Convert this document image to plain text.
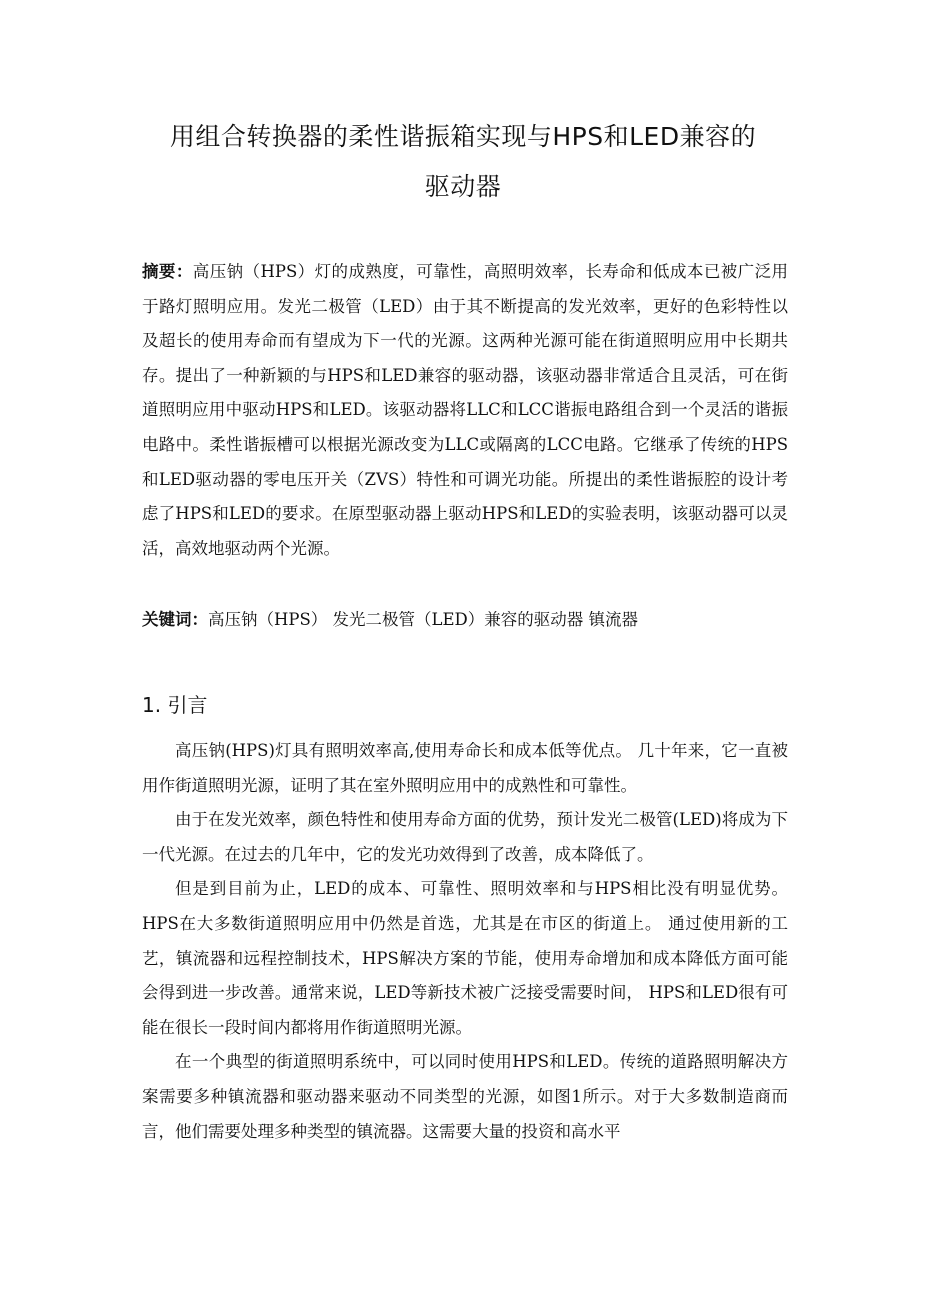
用组合转换器的柔性谐振箱实现与HPS和LED兼容的
驱动器

摘要：高压钠（HPS）灯的成熟度，可靠性，高照明效率，长寿命和低成本已被广泛用于路灯照明应用。发光二极管（LED）由于其不断提高的发光效率，更好的色彩特性以及超长的使用寿命而有望成为下一代的光源。这两种光源可能在街道照明应用中长期共存。提出了一种新颖的与HPS和LED兼容的驱动器，该驱动器非常适合且灵活，可在街道照明应用中驱动HPS和LED。该驱动器将LLC和LCC谐振电路组合到一个灵活的谐振电路中。柔性谐振槽可以根据光源改变为LLC或隔离的LCC电路。它继承了传统的HPS和LED驱动器的零电压开关（ZVS）特性和可调光功能。所提出的柔性谐振腔的设计考虑了HPS和LED的要求。在原型驱动器上驱动HPS和LED的实验表明，该驱动器可以灵活，高效地驱动两个光源。

关键词：高压钠（HPS） 发光二极管（LED）兼容的驱动器 镇流器

1. 引言

高压钠(HPS)灯具有照明效率高,使用寿命长和成本低等优点。 几十年来，它一直被用作街道照明光源，证明了其在室外照明应用中的成熟性和可靠性。

由于在发光效率，颜色特性和使用寿命方面的优势，预计发光二极管(LED)将成为下一代光源。在过去的几年中，它的发光功效得到了改善，成本降低了。

但是到目前为止，LED的成本、可靠性、照明效率和与HPS相比没有明显优势。 HPS在大多数街道照明应用中仍然是首选，尤其是在市区的街道上。 通过使用新的工艺，镇流器和远程控制技术，HPS解决方案的节能，使用寿命增加和成本降低方面可能会得到进一步改善。通常来说，LED等新技术被广泛接受需要时间， HPS和LED很有可能在很长一段时间内都将用作街道照明光源。

在一个典型的街道照明系统中，可以同时使用HPS和LED。传统的道路照明解决方案需要多种镇流器和驱动器来驱动不同类型的光源，如图1所示。对于大多数制造商而言，他们需要处理多种类型的镇流器。这需要大量的投资和高水平
